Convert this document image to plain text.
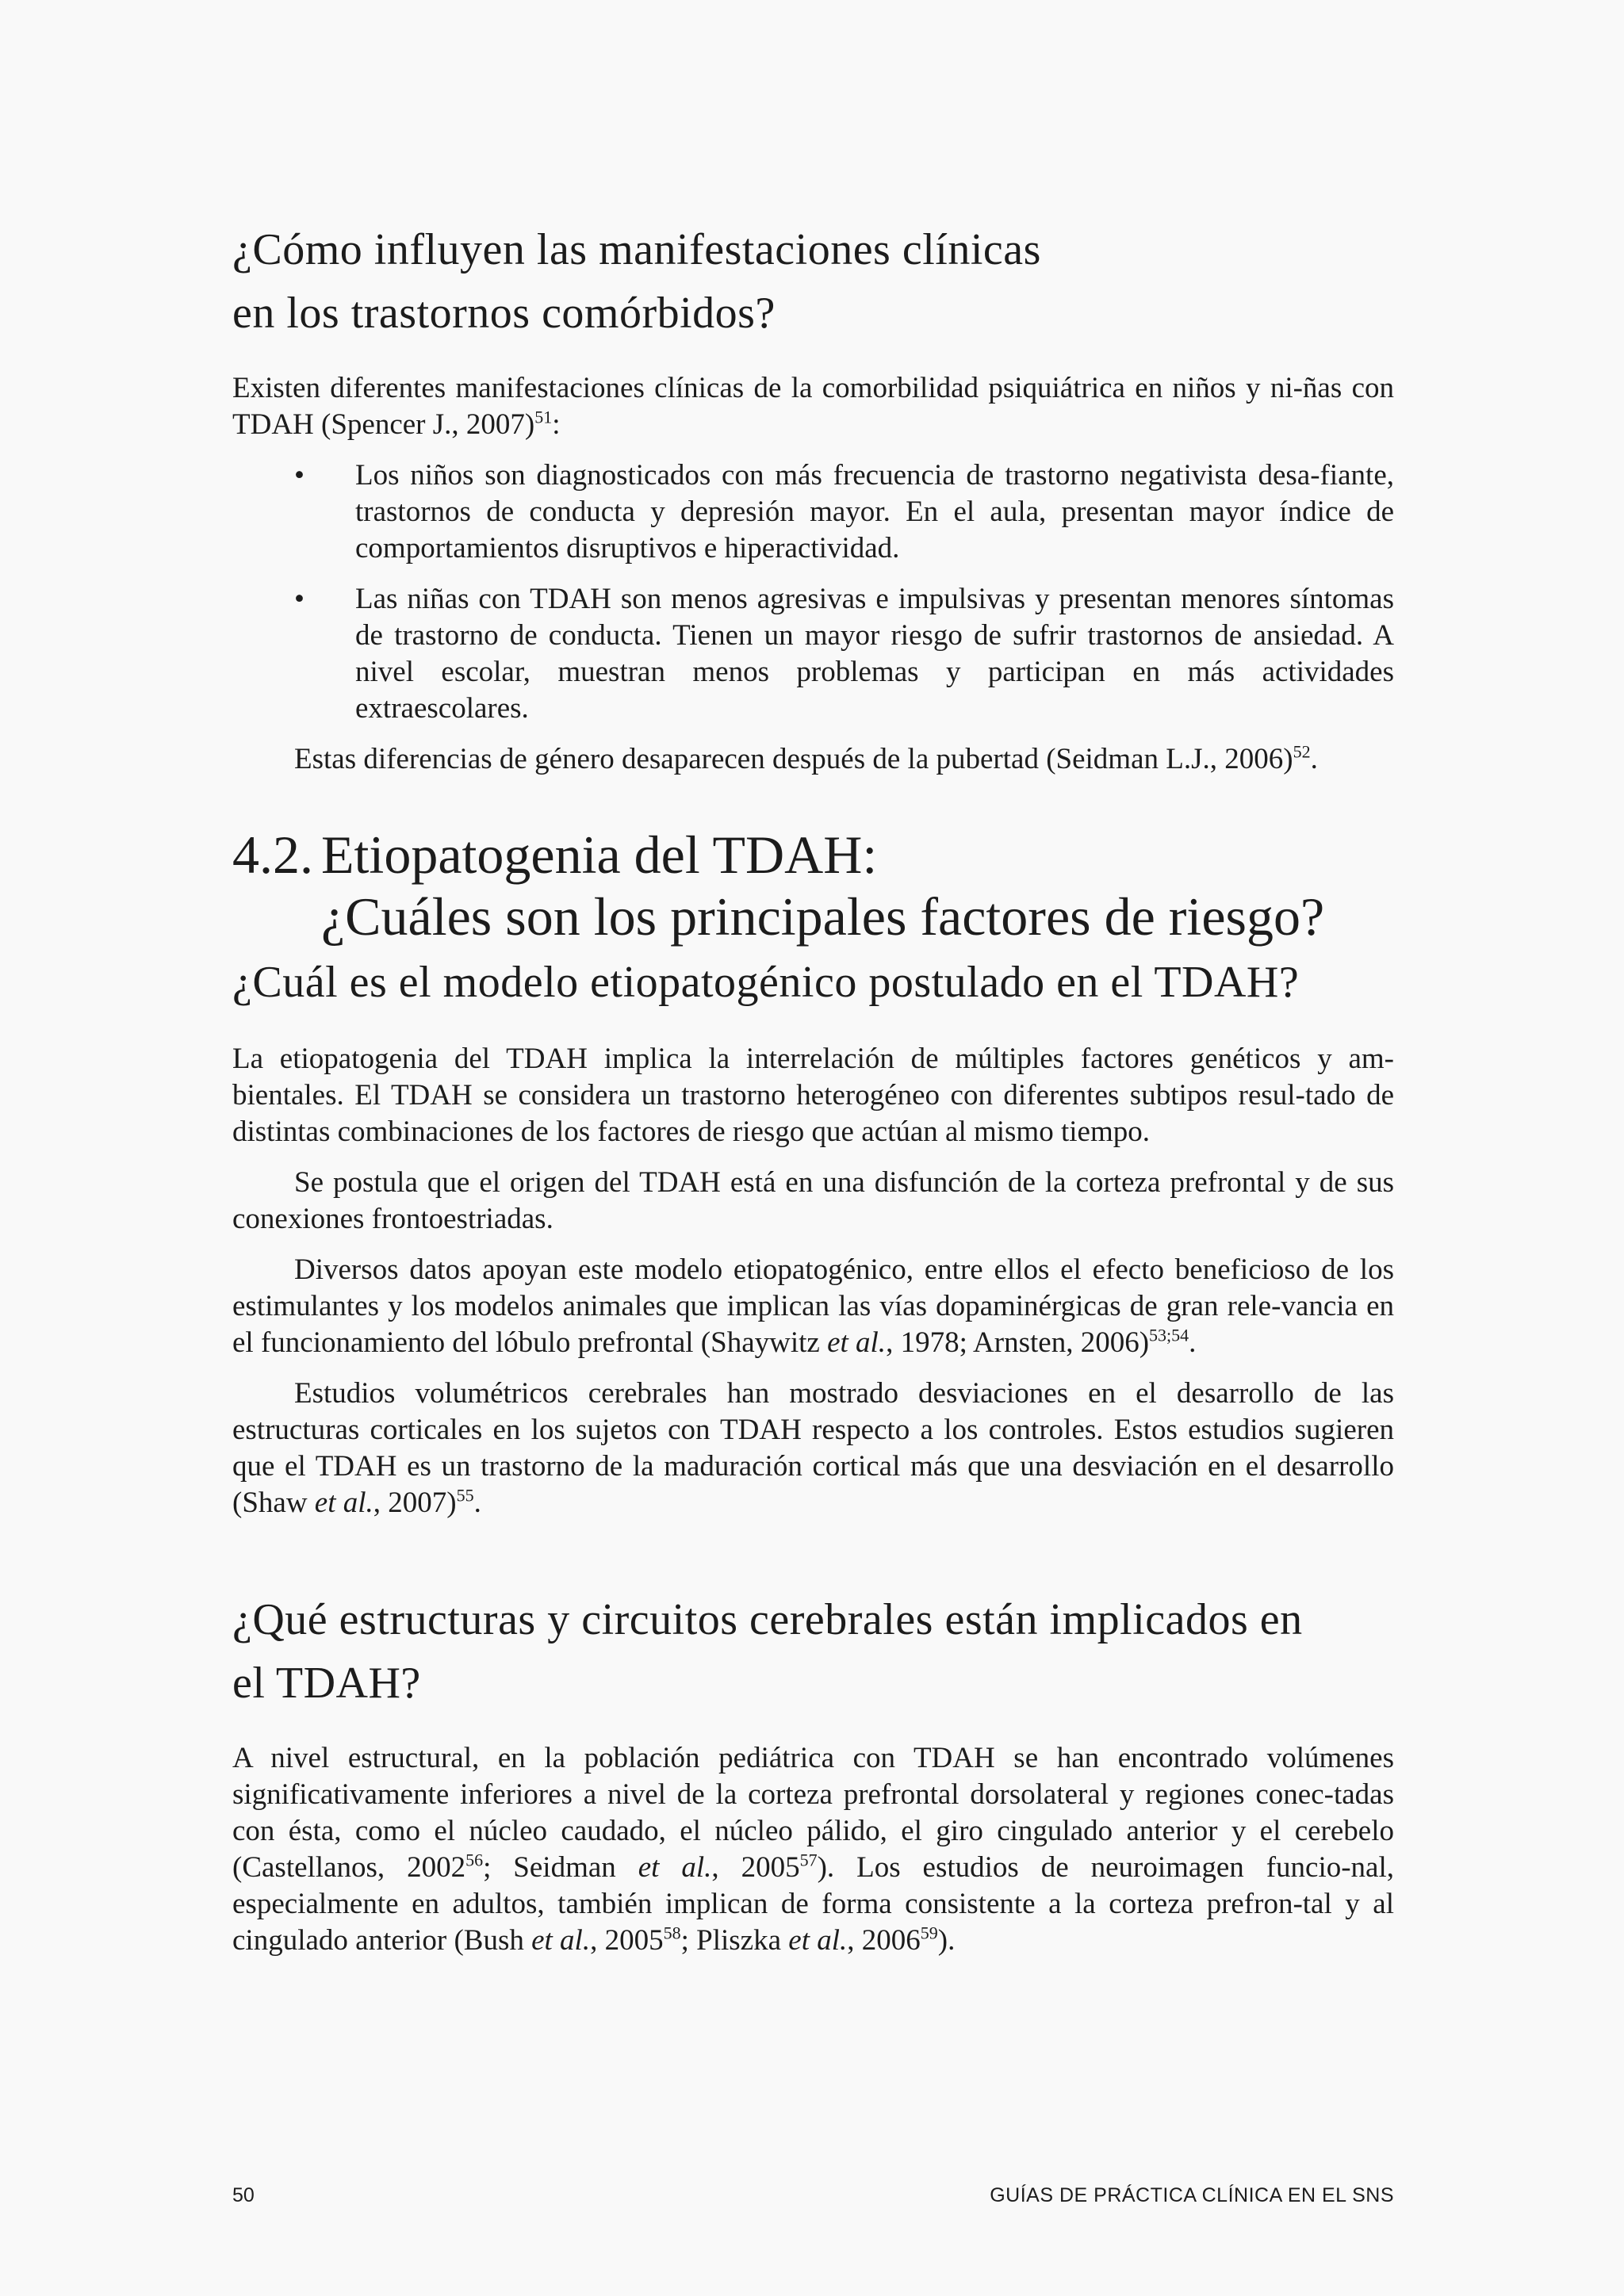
¿Cómo influyen las manifestaciones clínicas
en los trastornos comórbidos?

Existen diferentes manifestaciones clínicas de la comorbilidad psiquiátrica en niños y ni-ñas con TDAH (Spencer J., 2007)$^{51}$:

• Los niños son diagnosticados con más frecuencia de trastorno negativista desa-fiante, trastornos de conducta y depresión mayor. En el aula, presentan mayor índice de comportamientos disruptivos e hiperactividad.
• Las niñas con TDAH son menos agresivas e impulsivas y presentan menores síntomas de trastorno de conducta. Tienen un mayor riesgo de sufrir trastornos de ansiedad. A nivel escolar, muestran menos problemas y participan en más actividades extraescolares.

Estas diferencias de género desaparecen después de la pubertad (Seidman L.J., 2006)$^{52}$.

4.2. Etiopatogenia del TDAH:
¿Cuáles son los principales factores de riesgo?
¿Cuál es el modelo etiopatogénico postulado en el TDAH?

La etiopatogenia del TDAH implica la interrelación de múltiples factores genéticos y am-bientales. El TDAH se considera un trastorno heterogéneo con diferentes subtipos resul-tado de distintas combinaciones de los factores de riesgo que actúan al mismo tiempo.

Se postula que el origen del TDAH está en una disfunción de la corteza prefrontal y de sus conexiones frontoestriadas.

Diversos datos apoyan este modelo etiopatogénico, entre ellos el efecto beneficioso de los estimulantes y los modelos animales que implican las vías dopaminérgicas de gran rele-vancia en el funcionamiento del lóbulo prefrontal (Shaywitz et al., 1978; Arnsten, 2006)$^{53;54}$.

Estudios volumétricos cerebrales han mostrado desviaciones en el desarrollo de las estructuras corticales en los sujetos con TDAH respecto a los controles. Estos estudios sugieren que el TDAH es un trastorno de la maduración cortical más que una desviación en el desarrollo (Shaw et al., 2007)$^{55}$.

¿Qué estructuras y circuitos cerebrales están implicados en
el TDAH?

A nivel estructural, en la población pediátrica con TDAH se han encontrado volúmenes significativamente inferiores a nivel de la corteza prefrontal dorsolateral y regiones conec-tadas con ésta, como el núcleo caudado, el núcleo pálido, el giro cingulado anterior y el cerebelo (Castellanos, 2002$^{56}$; Seidman et al., 2005$^{57}$). Los estudios de neuroimagen funcio-nal, especialmente en adultos, también implican de forma consistente a la corteza prefron-tal y al cingulado anterior (Bush et al., 2005$^{58}$; Pliszka et al., 2006$^{59}$).

50	GUÍAS DE PRÁCTICA CLÍNICA EN EL SNS
